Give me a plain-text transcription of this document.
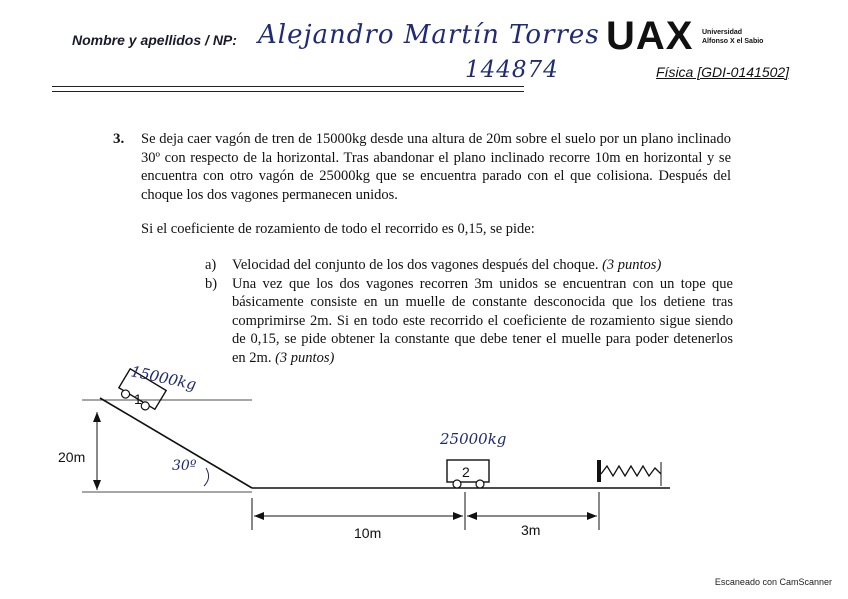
Nombre y apellidos / NP: Alejandro Martín Torres
144874
UAX Universidad
Alfonso X el Sabio
Física [GDI-0141502]
3. Se deja caer vagón de tren de 15000kg desde una altura de 20m sobre el suelo por un plano inclinado 30º con respecto de la horizontal. Tras abandonar el plano inclinado recorre 10m en horizontal y se encuentra con otro vagón de 25000kg que se encuentra parado con el que colisiona. Después del choque los dos vagones permanecen unidos.
Si el coeficiente de rozamiento de todo el recorrido es 0,15, se pide:
a)	Velocidad del conjunto de los dos vagones después del choque. (3 puntos)
b)	Una vez que los dos vagones recorren 3m unidos se encuentran con un tope que básicamente consiste en un muelle de constante desconocida que los detiene tras comprimirse 2m. Si en todo este recorrido el coeficiente de rozamiento sigue siendo de 0,15, se pide obtener la constante que debe tener el muelle para poder detenerlos en 2m. (3 puntos)
20m
30º
1
15000kg
2
25000kg
10m	3m
Escaneado con CamScanner
